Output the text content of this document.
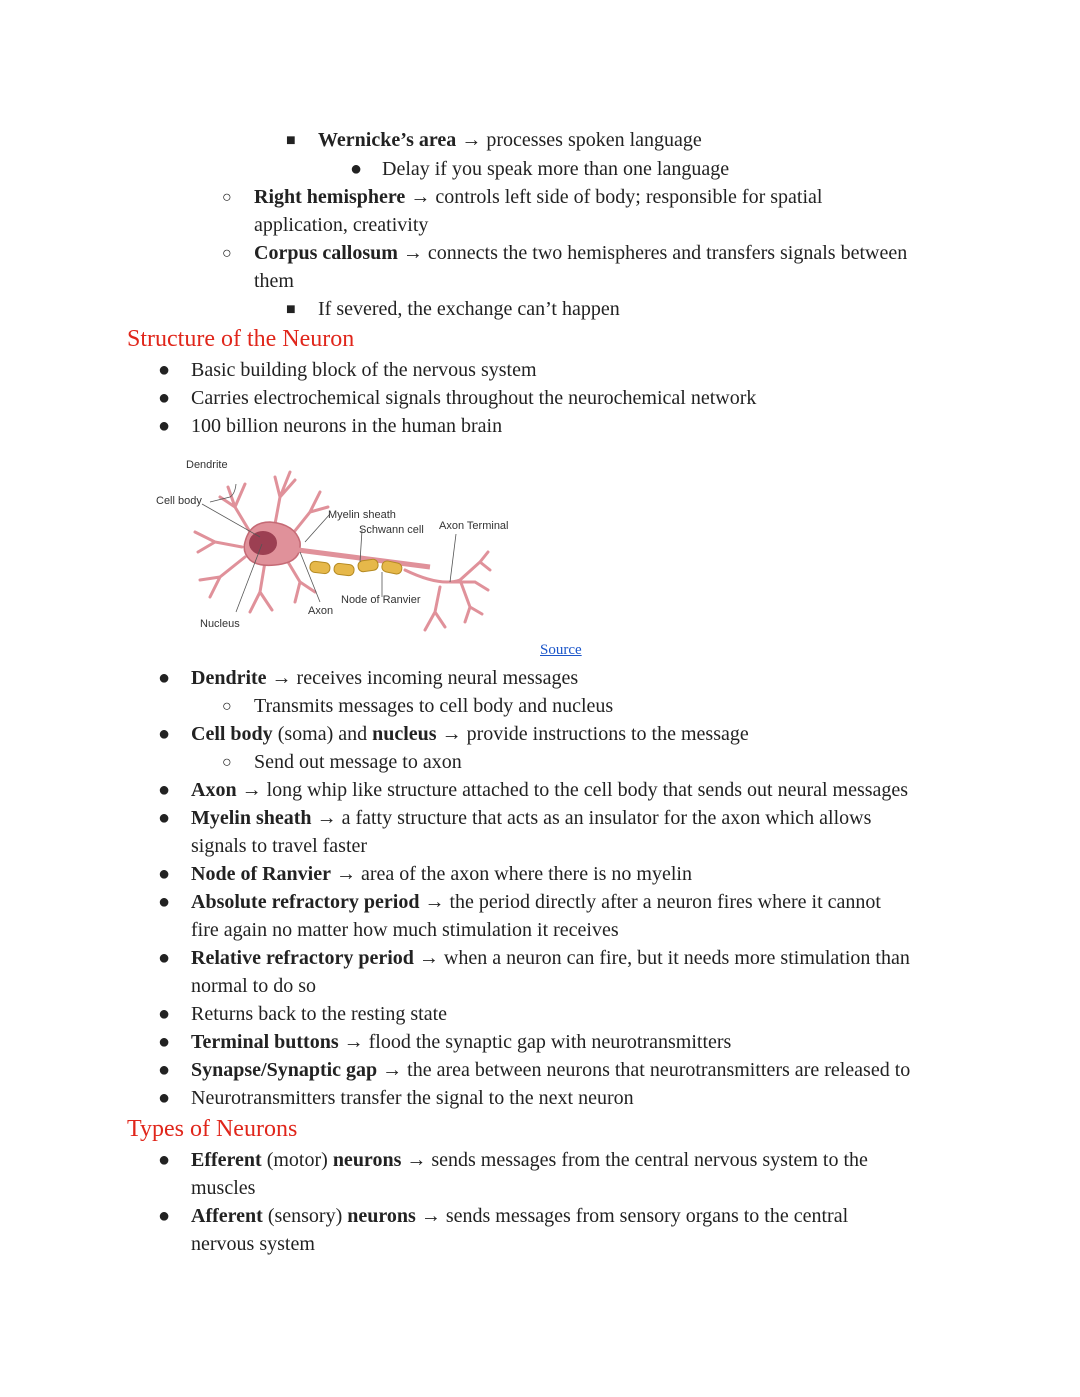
■ Wernicke’s area → processes spoken language
● Delay if you speak more than one language
○ Right hemisphere → controls left side of body; responsible for spatial
application, creativity
○ Corpus callosum → connects the two hemispheres and transfers signals between
them
■ If severed, the exchange can’t happen
Structure of the Neuron
● Basic building block of the nervous system
● Carries electrochemical signals throughout the neurochemical network
● 100 billion neurons in the human brain
Dendrite
Cell body
Nucleus
Axon
Myelin sheath
Schwann cell Axon Terminal
Node of Ranvier
Source
● Dendrite → receives incoming neural messages
○ Transmits messages to cell body and nucleus
● Cell body (soma) and nucleus → provide instructions to the message
○ Send out message to axon
● Axon → long whip like structure attached to the cell body that sends out neural messages
● Myelin sheath → a fatty structure that acts as an insulator for the axon which allows
signals to travel faster
● Node of Ranvier → area of the axon where there is no myelin
● Absolute refractory period → the period directly after a neuron fires where it cannot
fire again no matter how much stimulation it receives
● Relative refractory period → when a neuron can fire, but it needs more stimulation than
normal to do so
● Returns back to the resting state
● Terminal buttons → flood the synaptic gap with neurotransmitters
● Synapse/Synaptic gap → the area between neurons that neurotransmitters are released to
● Neurotransmitters transfer the signal to the next neuron
Types of Neurons
● Efferent (motor) neurons → sends messages from the central nervous system to the
muscles
● Afferent (sensory) neurons → sends messages from sensory organs to the central
nervous system
